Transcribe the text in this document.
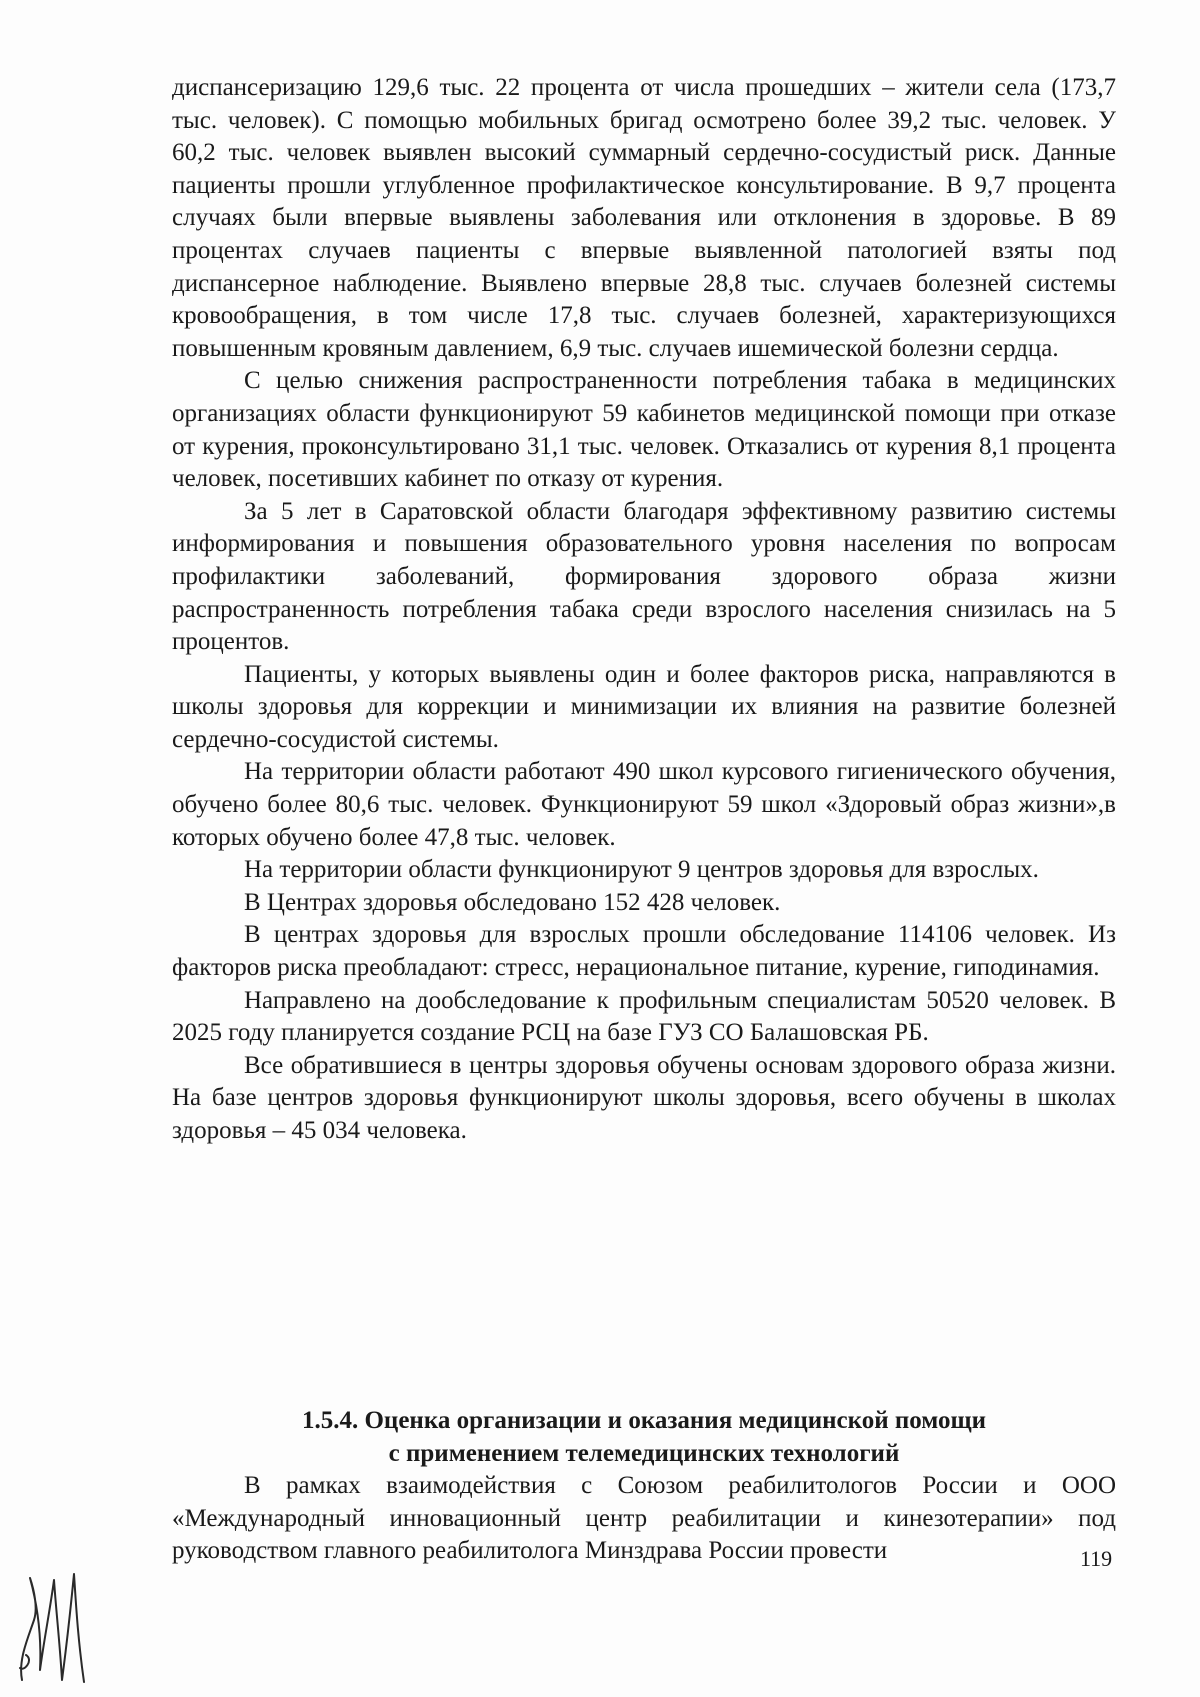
диспансеризацию 129,6 тыс. 22 процента от числа прошедших – жители села (173,7 тыс. человек). С помощью мобильных бригад осмотрено более 39,2 тыс. человек. У 60,2 тыс. человек выявлен высокий суммарный сердечно-сосудистый риск. Данные пациенты прошли углубленное профилактическое консультирование. В 9,7 процента случаях были впервые выявлены заболевания или отклонения в здоровье. В 89 процентах случаев пациенты с впервые выявленной патологией взяты под диспансерное наблюдение. Выявлено впервые 28,8 тыс. случаев болезней системы кровообращения, в том числе 17,8 тыс. случаев болезней, характеризующихся повышенным кровяным давлением, 6,9 тыс. случаев ишемической болезни сердца.

С целью снижения распространенности потребления табака в медицинских организациях области функционируют 59 кабинетов медицинской помощи при отказе от курения, проконсультировано 31,1 тыс. человек. Отказались от курения 8,1 процента человек, посетивших кабинет по отказу от курения.

За 5 лет в Саратовской области благодаря эффективному развитию системы информирования и повышения образовательного уровня населения по вопросам профилактики заболеваний, формирования здорового образа жизни распространенность потребления табака среди взрослого населения снизилась на 5 процентов.

Пациенты, у которых выявлены один и более факторов риска, направляются в школы здоровья для коррекции и минимизации их влияния на развитие болезней сердечно-сосудистой системы.

На территории области работают 490 школ курсового гигиенического обучения, обучено более 80,6 тыс. человек. Функционируют 59 школ «Здоровый образ жизни»,в которых обучено более 47,8 тыс. человек.

На территории области функционируют 9 центров здоровья для взрослых.

В Центрах здоровья обследовано 152 428 человек.

В центрах здоровья для взрослых прошли обследование 114106 человек. Из факторов риска преобладают: стресс, нерациональное питание, курение, гиподинамия.

Направлено на дообследование к профильным специалистам 50520 человек. В 2025 году планируется создание РСЦ на базе ГУЗ СО Балашовская РБ.

Все обратившиеся в центры здоровья обучены основам здорового образа жизни. На базе центров здоровья функционируют школы здоровья, всего обучены в школах здоровья – 45 034 человека.

1.5.4. Оценка организации и оказания медицинской помощи
с применением телемедицинских технологий

В рамках взаимодействия с Союзом реабилитологов России и ООО «Международный инновационный центр реабилитации и кинезотерапии» под руководством главного реабилитолога Минздрава России провести	119
